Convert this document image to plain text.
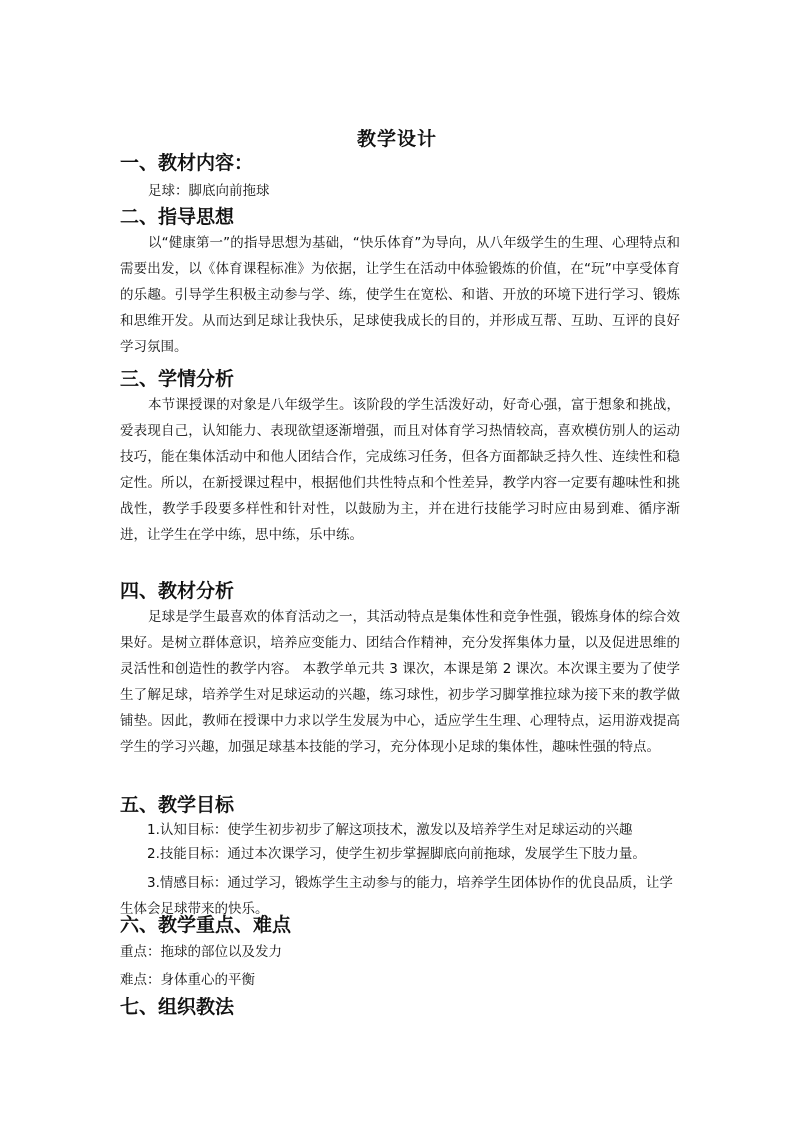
教学设计
一、教材内容：

足球：脚底向前拖球

二、指导思想

以“健康第一”的指导思想为基础，“快乐体育”为导向，从八年级学生的生理、心理特点和需要出发，以《体育课程标准》为依据，让学生在活动中体验锻炼的价值，在“玩”中享受体育的乐趣。引导学生积极主动参与学、练，使学生在宽松、和谐、开放的环境下进行学习、锻炼和思维开发。从而达到足球让我快乐，足球使我成长的目的，并形成互帮、互助、互评的良好学习氛围。

三、学情分析

本节课授课的对象是八年级学生。该阶段的学生活泼好动，好奇心强，富于想象和挑战，爱表现自己，认知能力、表现欲望逐渐增强，而且对体育学习热情较高，喜欢模仿别人的运动技巧，能在集体活动中和他人团结合作，完成练习任务，但各方面都缺乏持久性、连续性和稳定性。所以，在新授课过程中，根据他们共性特点和个性差异，教学内容一定要有趣味性和挑战性，教学手段要多样性和针对性，以鼓励为主，并在进行技能学习时应由易到难、循序渐进，让学生在学中练，思中练，乐中练。

四、教材分析

足球是学生最喜欢的体育活动之一，其活动特点是集体性和竞争性强，锻炼身体的综合效果好。是树立群体意识，培养应变能力、团结合作精神，充分发挥集体力量，以及促进思维的灵活性和创造性的教学内容。 本教学单元共 3 课次，本课是第 2 课次。本次课主要为了使学生了解足球，培养学生对足球运动的兴趣，练习球性，初步学习脚掌推拉球为接下来的教学做铺垫。因此，教师在授课中力求以学生发展为中心，适应学生生理、心理特点，运用游戏提高学生的学习兴趣，加强足球基本技能的学习，充分体现小足球的集体性，趣味性强的特点。

五、教学目标

1.认知目标：使学生初步初步了解这项技术，激发以及培养学生对足球运动的兴趣

2.技能目标：通过本次课学习，使学生初步掌握脚底向前拖球，发展学生下肢力量。

3.情感目标：通过学习，锻炼学生主动参与的能力，培养学生团体协作的优良品质，让学生体会足球带来的快乐。

六、教学重点、难点

重点：拖球的部位以及发力

难点：身体重心的平衡

七、组织教法
